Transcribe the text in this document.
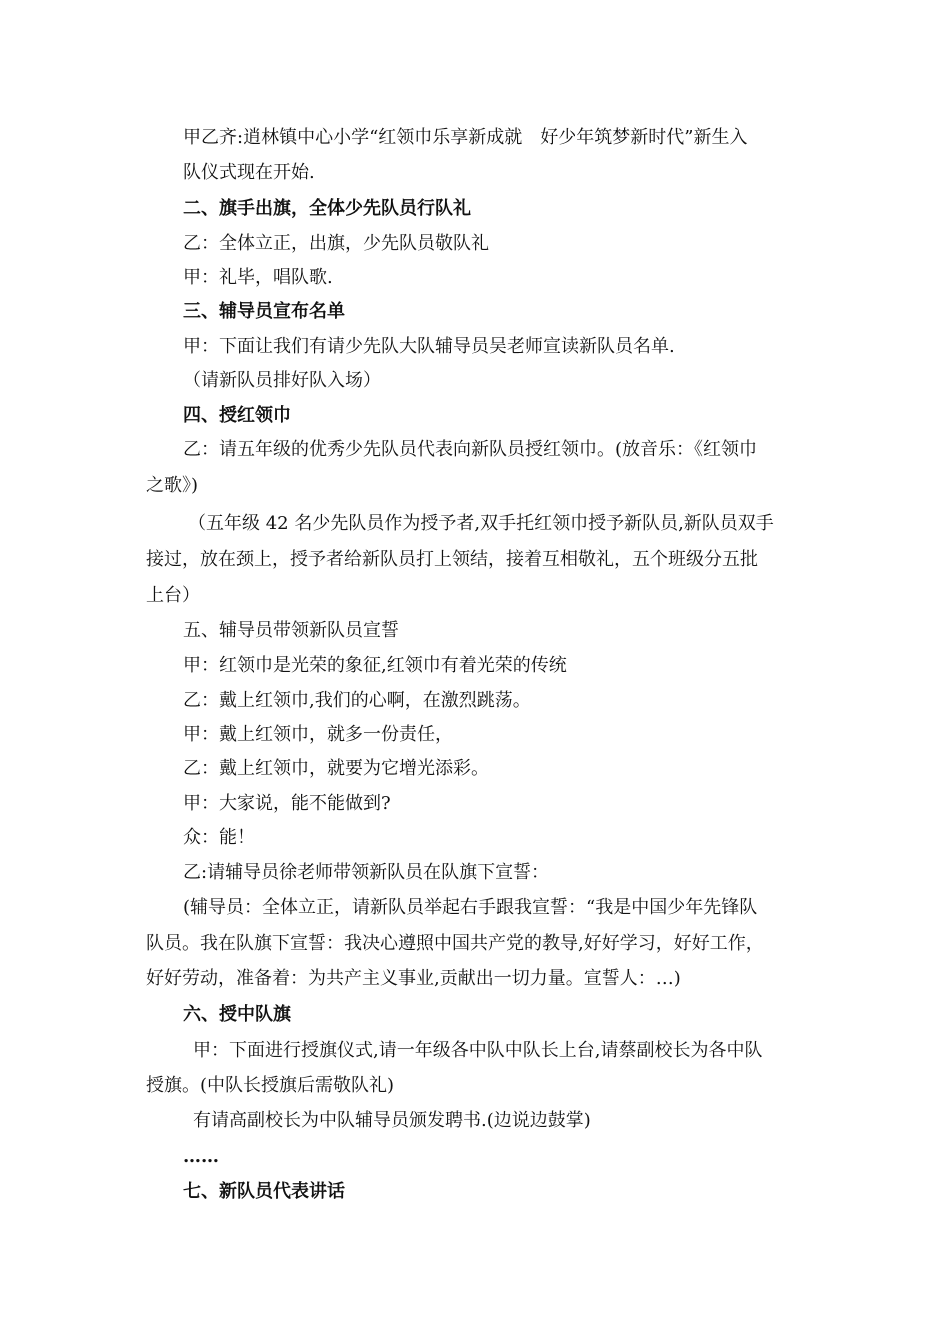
甲乙齐:逍林镇中心小学“红领巾乐享新成就　好少年筑梦新时代”新生入
队仪式现在开始.
二、旗手出旗，全体少先队员行队礼
乙：全体立正，出旗，少先队员敬队礼
甲：礼毕，唱队歌.
三、辅导员宣布名单
甲：下面让我们有请少先队大队辅导员吴老师宣读新队员名单.
（请新队员排好队入场）
四、授红领巾
乙：请五年级的优秀少先队员代表向新队员授红领巾。(放音乐：《红领巾
之歌》)
（五年级 42 名少先队员作为授予者,双手托红领巾授予新队员,新队员双手
接过，放在颈上，授予者给新队员打上领结，接着互相敬礼，五个班级分五批
上台）
五、辅导员带领新队员宣誓
甲：红领巾是光荣的象征,红领巾有着光荣的传统
乙：戴上红领巾,我们的心啊，在激烈跳荡。
甲：戴上红领巾，就多一份责任，
乙：戴上红领巾，就要为它增光添彩。
甲：大家说，能不能做到?
众：能！
乙:请辅导员徐老师带领新队员在队旗下宣誓：
(辅导员：全体立正，请新队员举起右手跟我宣誓：“我是中国少年先锋队
队员。我在队旗下宣誓：我决心遵照中国共产党的教导,好好学习，好好工作，
好好劳动，准备着：为共产主义事业,贡献出一切力量。宣誓人：…)
六、授中队旗
甲：下面进行授旗仪式,请一年级各中队中队长上台,请蔡副校长为各中队
授旗。(中队长授旗后需敬队礼)
有请高副校长为中队辅导员颁发聘书.(边说边鼓掌)
……
七、新队员代表讲话
